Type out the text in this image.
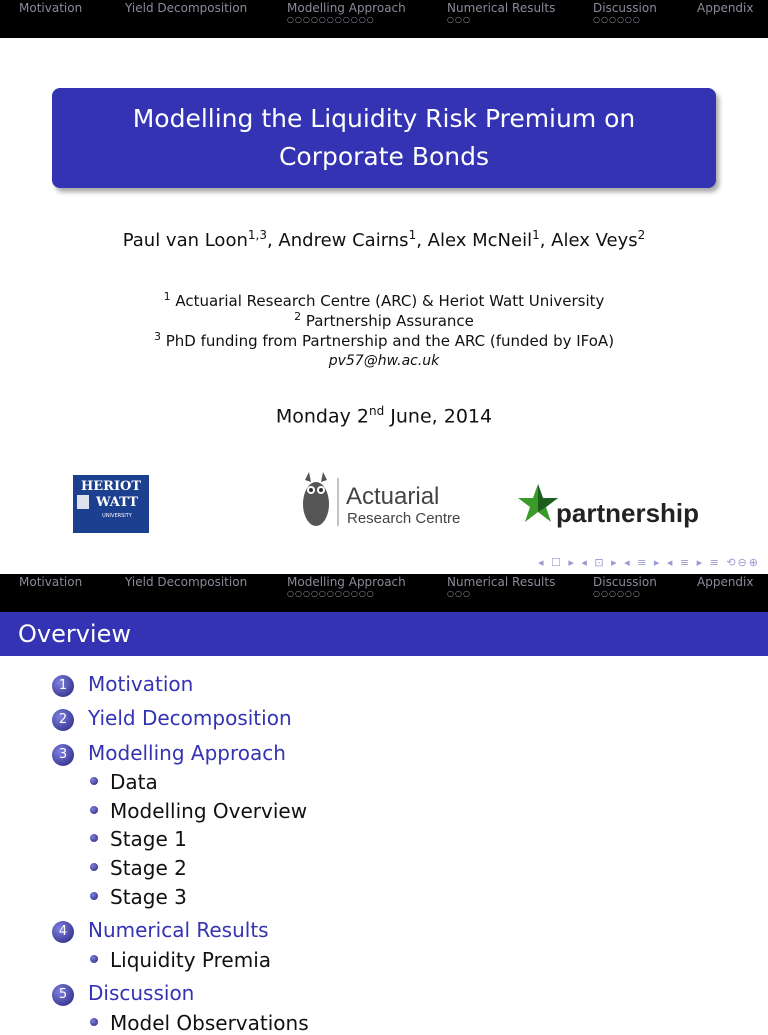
Motivation	Yield Decomposition	Modelling Approach
○○○○○○○○○○○
Numerical Results
○○○
Discussion
○○○○○○
Appendix
Modelling the Liquidity Risk Premium on Corporate Bonds
Paul van Loon$^{1,3}$, Andrew Cairns$^1$, Alex McNeil$^1$, Alex Veys$^2$
$^1$ Actuarial Research Centre (ARC) & Heriot Watt University
$^2$ Partnership Assurance
$^3$ PhD funding from Partnership and the ARC (funded by IFoA)
pv57@hw.ac.uk
Monday 2nd June, 2014
HERIOT
WATT
UNIVERSITY
Actuarial
Research Centre	partnership
◂ ☐ ▸ ◂ ⊡ ▸ ◂ ≡ ▸ ◂ ≡ ▸ ≡ ⟲⊖⊕
Motivation	Yield Decomposition	Modelling Approach
○○○○○○○○○○○
Numerical Results
○○○
Discussion
○○○○○○
Appendix
Overview
1 Motivation
2 Yield Decomposition
3 Modelling Approach
Data
Modelling Overview
Stage 1
Stage 2
Stage 3
4 Numerical Results
Liquidity Premia
5 Discussion
Model Observations
